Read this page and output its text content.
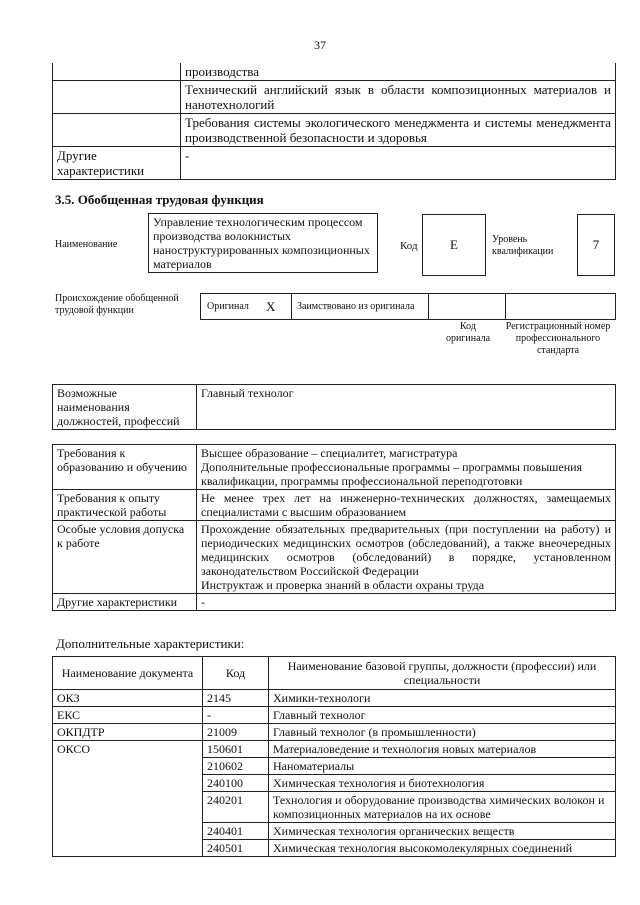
37
	производства
	Технический английский язык в области композиционных материалов и нанотехнологий
	Требования системы экологического менеджмента и системы менеджмента производственной безопасности и здоровья
Другие характеристики	-
3.5. Обобщенная трудовая функция
Наименование
Управление технологическим процессом производства волокнистых наноструктурированных композиционных материалов
Код	E	Уровень квалификации	7
Происхождение обобщенной трудовой функции	Оригинал X Заимствовано из оригинала
Код оригинала
Регистрационный номер профессионального стандарта
Возможные наименования должностей, профессий	Главный технолог
Требования к образованию и обучению	Высшее образование – специалитет, магистратура
Дополнительные профессиональные программы – программы повышения квалификации, программы профессиональной переподготовки

Требования к опыту практической работы	Не менее трех лет на инженерно-технических должностях, замещаемых специалистами с высшим образованием
Особые условия допуска к работе	Прохождение обязательных предварительных (при поступлении на работу) и периодических медицинских осмотров (обследований), а также внеочередных медицинских осмотров (обследований) в порядке, установленном законодательством Российской Федерации
Инструктаж и проверка знаний в области охраны труда

Другие характеристики	-
Дополнительные характеристики:
Наименование документа	Код	Наименование базовой группы, должности (профессии) или специальности
ОКЗ	2145	Химики-технологи
ЕКС	-	Главный технолог
ОКПДТР	21009	Главный технолог (в промышленности)
ОКСО	150601	Материаловедение и технология новых материалов
	210602	Наноматериалы
	240100	Химическая технология и биотехнология
	240201	Технология и оборудование производства химических волокон и композиционных материалов на их основе
	240401	Химическая технология органических веществ
	240501	Химическая технология высокомолекулярных соединений
